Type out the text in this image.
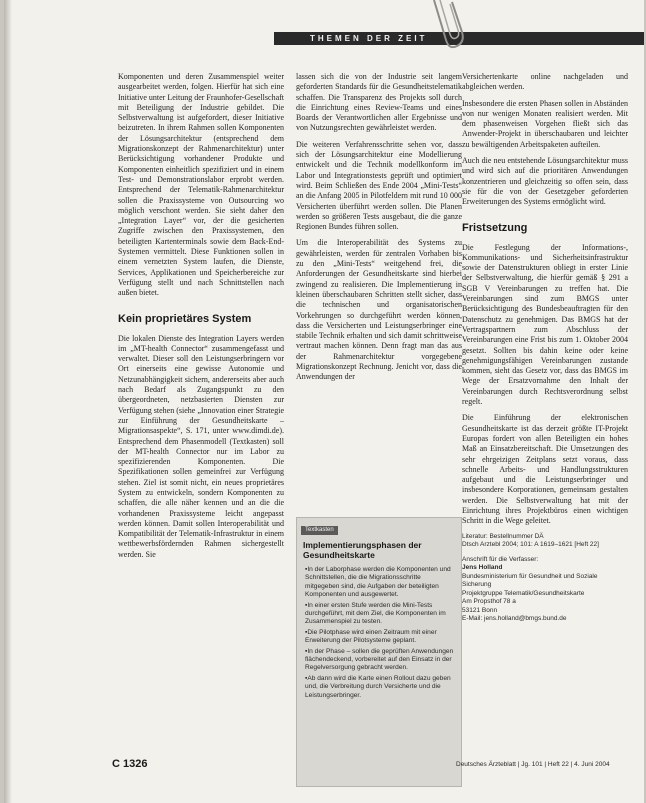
THEMEN DER ZEIT

Komponenten und deren Zusammenspiel weiter ausgearbeitet werden, folgen. Hierfür hat sich eine Initiative unter Leitung der Fraunhofer-Gesellschaft mit Beteiligung der Industrie gebildet. Die Selbstverwaltung ist aufgefordert, dieser Initiative beizutreten. In ihrem Rahmen sollen Komponenten der Lösungsarchitektur (entsprechend dem Migrationskonzept der Rahmenarchitektur) unter Berücksichtigung vorhandener Produkte und Komponenten einheitlich spezifiziert und in einem Test- und Demonstrationslabor erprobt werden. Entsprechend der Telematik-Rahmenarchitektur sollen die Praxissysteme von Outsourcing wo möglich verschont werden. Sie sieht daher den „Integration Layer“ vor, der die gesicherten Zugriffe zwischen den Praxissystemen, den beteiligten Kartenterminals sowie dem Back-End-Systemen vermittelt. Diese Funktionen sollen in einem vernetzten System laufen, die Dienste, Services, Applikationen und Speicherbereiche zur Verfügung stellt und nach Schnittstellen nach außen bietet.

Kein proprietäres System

Die lokalen Dienste des Integration Layers werden im „MT-health Connector“ zusammengefasst und verwaltet. Dieser soll den Leistungserbringern vor Ort einerseits eine gewisse Autonomie und Netzunabhängigkeit sichern, andererseits aber auch nach Bedarf als Zugangspunkt zu den übergeordneten, netzbasierten Diensten zur Verfügung stehen (siehe „Innovation einer Strategie zur Einführung der Gesundheitskarte – Migrationsaspekte“, S. 171, unter www.dimdi.de). Entsprechend dem Phasenmodell (Textkasten) soll der MT-health Connector nur im Labor zu spezifizierenden Komponenten. Die Spezifikationen sollen gemeinfrei zur Verfügung stehen. Ziel ist somit nicht, ein neues proprietäres System zu entwickeln, sondern Komponenten zu schaffen, die alle näher kennen und an die die vorhandenen Praxissysteme leicht angepasst werden können. Damit sollen Interoperabilität und Kompatibilität der Telematik-Infrastruktur in einem wettbewerbsfördernden Rahmen sichergestellt werden. Sie

lassen sich die von der Industrie seit langem geforderten Standards für die Gesundheitstelematik schaffen. Die Transparenz des Projekts soll durch die Einrichtung eines Review-Teams und eines Boards der Verantwortlichen aller Ergebnisse und von Nutzungsrechten gewährleistet werden.

Die weiteren Verfahrensschritte sehen vor, dass sich der Lösungsarchitektur eine Modellierung entwickelt und die Technik modellkonform im Labor und Integrationstests geprüft und optimiert wird. Beim Schließen des Ende 2004 „Mini-Tests“ an die Anfang 2005 in Pilotfeldern mit rund 10 000 Versicherten überführt werden sollen. Die Planen werden so größeren Tests ausgebaut, die die ganze Regionen Bundes führen sollen.

Um die Interoperabilität des Systems zu gewährleisten, werden für zentralen Vorhaben bis zu den „Mini-Tests“ weitgehend frei, die Anforderungen der Gesundheitskarte sind hierbei zwingend zu realisieren. Die Implementierung in kleinen überschaubaren Schritten stellt sicher, dass die technischen und organisatorischen Vorkehrungen so durchgeführt werden können, dass die Versicherten und Leistungserbringer eine stabile Technik erhalten und sich damit schrittweise vertraut machen können. Denn fragt man das aus der Rahmenarchitektur vorgegebene Migrationskonzept Rechnung. Jenicht vor, dass die Anwendungen der

Textkasten
Implementierungsphasen der Gesundheitskarte
▪ In der Laborphase werden die Komponenten und Schnittstellen, die die Migrationsschritte mitgegeben sind, die Aufgaben der beteiligten Komponenten und ausgewertet.
▪ In einer ersten Stufe werden die Mini-Tests durchgeführt, mit dem Ziel, die Komponenten im Zusammenspiel zu testen.
▪ Die Pilotphase wird einen Zeitraum mit einer Erweiterung der Pilotsysteme geplant.
▪ In der Phase – sollen die geprüften Anwendungen flächendeckend, vorbereitet auf den Einsatz in der Regelversorgung gebracht werden.
▪ Ab dann wird die Karte einen Rollout dazu geben und, die Verbreitung durch Versicherte und die Leistungserbringer.

Versichertenkarte online nachgeladen und abgleichen werden.

Insbesondere die ersten Phasen sollen in Abständen von nur wenigen Monaten realisiert werden. Mit dem phasenweisen Vorgehen fließt sich das Anwender-Projekt in überschaubaren und leichter zu bewältigenden Arbeitspaketen aufteilen.

Auch die neu entstehende Lösungsarchitektur muss und wird sich auf die prioritären Anwendungen konzentrieren und gleichzeitig so offen sein, dass sie für die von der Gesetzgeber geforderten Erweiterungen des Systems ermöglicht wird.

Fristsetzung

Die Festlegung der Informations-, Kommunikations- und Sicherheitsinfrastruktur sowie der Datenstrukturen obliegt in erster Linie der Selbstverwaltung, die hierfür gemäß § 291 a SGB V Vereinbarungen zu treffen hat. Die Vereinbarungen sind zum BMGS unter Berücksichtigung des Bundesbeauftragten für den Datenschutz zu genehmigen. Das BMGS hat der Vertragspartnern zum Abschluss der Vereinbarungen eine Frist bis zum 1. Oktober 2004 gesetzt. Sollten bis dahin keine oder keine genehmigungsfähigen Vereinbarungen zustande kommen, sieht das Gesetz vor, dass das BMGS im Wege der Ersatzvornahme den Inhalt der Vereinbarungen durch Rechtsverordnung selbst regelt.

Die Einführung der elektronischen Gesundheitskarte ist das derzeit größte IT-Projekt Europas fordert von allen Beteiligten ein hohes Maß an Einsatzbereitschaft. Die Umsetzungen des sehr ehrgeizigen Zeitplans setzt voraus, dass schnelle Arbeits- und Handlungsstrukturen aufgebaut und die Leistungserbringer und insbesondere Korporationen, gemeinsam gestalten werden. Die Selbstverwaltung hat mit der Einrichtung ihres Projektbüros einen wichtigen Schritt in die Wege geleitet.

Literatur: Bestellnummer DÄ
Dtsch Arztebl 2004; 101: A 1619–1621 [Heft 22]
Anschrift für die Verfasser:
Jens Holland
Bundesministerium für Gesundheit und Soziale Sicherung
Projektgruppe Telematik/Gesundheitskarte
Am Propsthof 78 a
53121 Bonn
E-Mail: jens.holland@bmgs.bund.de
C 1326	Deutsches Ärzteblatt | Jg. 101 | Heft 22 | 4. Juni 2004
